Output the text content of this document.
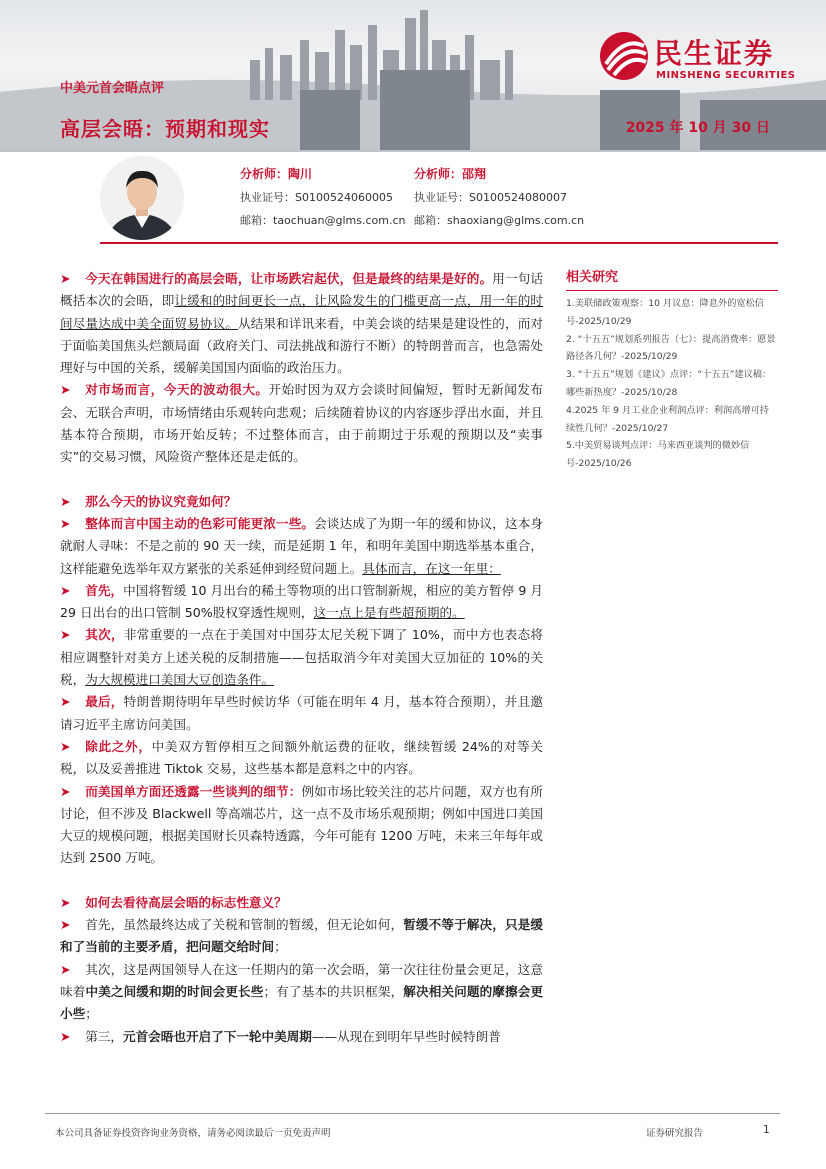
中美元首会晤点评
高层会晤：预期和现实	2025 年 10 月 30 日
民生证券
MINSHENG SECURITIES
分析师：陶川
执业证号：S0100524060005
邮箱：taochuan@glms.com.cn
分析师：邵翔
执业证号：S0100524080007
邮箱：shaoxiang@glms.com.cn

➤ 今天在韩国进行的高层会晤，让市场跌宕起伏，但是最终的结果是好的。用一句话概括本次的会晤，即让缓和的时间更长一点，让风险发生的门槛更高一点，用一年的时间尽量达成中美全面贸易协议。从结果和详讯来看，中美会谈的结果是建设性的，而对于面临美国焦头烂额局面（政府关门、司法挑战和游行不断）的特朗普而言，也急需处理好与中国的关系，缓解美国国内面临的政治压力。

➤ 对市场而言，今天的波动很大。开始时因为双方会谈时间偏短，暂时无新闻发布会、无联合声明，市场情绪由乐观转向悲观；后续随着协议的内容逐步浮出水面，并且基本符合预期，市场开始反转；不过整体而言，由于前期过于乐观的预期以及“卖事实”的交易习惯，风险资产整体还是走低的。

➤ 那么今天的协议究竟如何？

➤ 整体而言中国主动的色彩可能更浓一些。会谈达成了为期一年的缓和协议，这本身就耐人寻味：不是之前的 90 天一续，而是延期 1 年，和明年美国中期选举基本重合，这样能避免选举年双方紧张的关系延伸到经贸问题上。具体而言，在这一年里：

➤ 首先，中国将暂缓 10 月出台的稀土等物项的出口管制新规，相应的美方暂停 9 月 29 日出台的出口管制 50%股权穿透性规则，这一点上是有些超预期的。

➤ 其次，非常重要的一点在于美国对中国芬太尼关税下调了 10%，而中方也表态将相应调整针对美方上述关税的反制措施——包括取消今年对美国大豆加征的 10%的关税，为大规模进口美国大豆创造条件。

➤ 最后，特朗普期待明年早些时候访华（可能在明年 4 月，基本符合预期），并且邀请习近平主席访问美国。

➤ 除此之外，中美双方暂停相互之间额外航运费的征收，继续暂缓 24%的对等关税，以及妥善推进 Tiktok 交易，这些基本都是意料之中的内容。

➤ 而美国单方面还透露一些谈判的细节：例如市场比较关注的芯片问题，双方也有所讨论，但不涉及 Blackwell 等高端芯片，这一点不及市场乐观预期；例如中国进口美国大豆的规模问题，根据美国财长贝森特透露，今年可能有 1200 万吨，未来三年每年或达到 2500 万吨。

➤ 如何去看待高层会晤的标志性意义？

➤ 首先，虽然最终达成了关税和管制的暂缓，但无论如何，暂缓不等于解决，只是缓和了当前的主要矛盾，把问题交给时间；

➤ 其次，这是两国领导人在这一任期内的第一次会晤，第一次往往份量会更足，这意味着中美之间缓和期的时间会更长些；有了基本的共识框架，解决相关问题的摩擦会更小些；

➤ 第三，元首会晤也开启了下一轮中美周期——从现在到明年早些时候特朗普

相关研究
1.美联储政策观察：10 月议息：降息外的宽松信号-2025/10/29
2. “十五五”规划系列报告（七）：提高消费率：愿景路径各几何？-2025/10/29
3. “十五五”规划《建议》点评：“十五五”建议稿：哪些新热度？-2025/10/28
4.2025 年 9 月工业企业利润点评：利润高增可持续性几何？-2025/10/27
5.中美贸易谈判点评：马来西亚谈判的微妙信号-2025/10/26
本公司具备证券投资咨询业务资格，请务必阅读最后一页免责声明	证券研究报告	1
